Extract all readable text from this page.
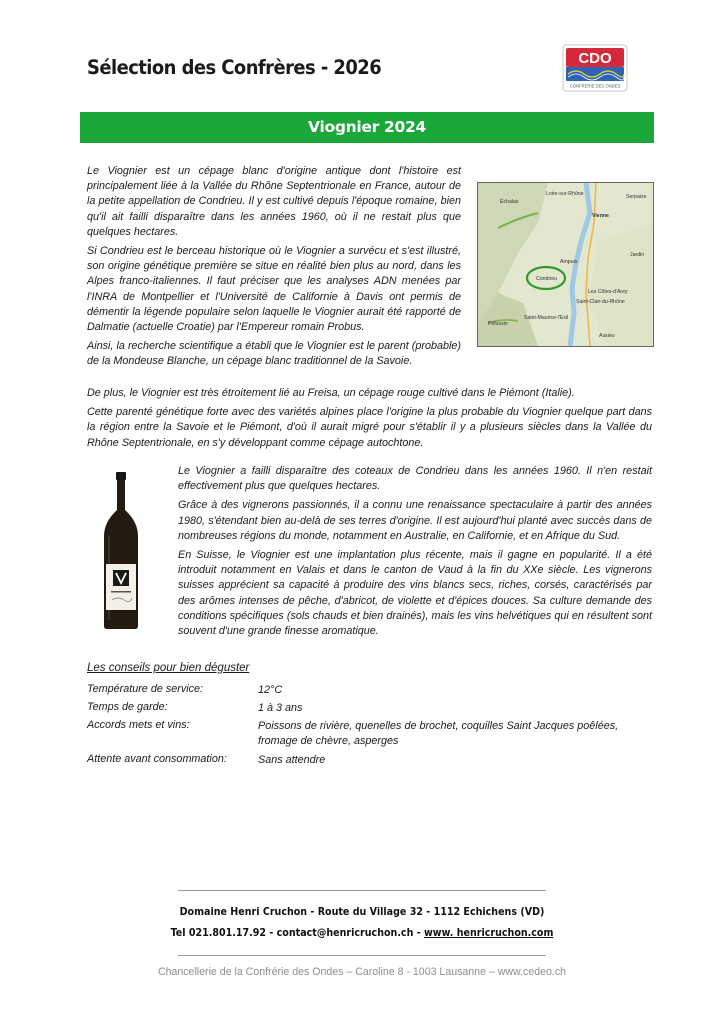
Sélection des Confrères - 2026	CDO
CONFRERIE DES ONDES
Viognier 2024

Le Viognier est un cépage blanc d'origine antique dont l'histoire est principalement liée à la Vallée du Rhône Septentrionale en France, autour de la petite appellation de Condrieu. Il y est cultivé depuis l'époque romaine, bien qu'il ait failli disparaître dans les années 1960, où il ne restait plus que quelques hectares.

Si Condrieu est le berceau historique où le Viognier a survécu et s'est illustré, son origine génétique première se situe en réalité bien plus au nord, dans les Alpes franco-italiennes. Il faut préciser que les analyses ADN menées par l'INRA de Montpellier et l'Université de Californie à Davis ont permis de démentir la légende populaire selon laquelle le Viognier aurait été rapporté de Dalmatie (actuelle Croatie) par l'Empereur romain Probus.

Ainsi, la recherche scientifique a établi que le Viognier est le parent (probable) de la Mondeuse Blanche, un cépage blanc traditionnel de la Savoie.

Loire-sur-Rhône
Échalas
Vienne
Serpaize
Jardin
Ampuis
Condrieu
Les Côtes-d'Arey
Saint-Clair-du-Rhône
Saint-Maurice-l'Exil
Pélussin
Assieu

De plus, le Viognier est très étroitement lié au Freisa, un cépage rouge cultivé dans le Piémont (Italie).

Cette parenté génétique forte avec des variétés alpines place l'origine la plus probable du Viognier quelque part dans la région entre la Savoie et le Piémont, d'où il aurait migré pour s'établir il y a plusieurs siècles dans la Vallée du Rhône Septentrionale, en s'y développant comme cépage autochtone.

Le Viognier a failli disparaître des coteaux de Condrieu dans les années 1960. Il n'en restait effectivement plus que quelques hectares.

Grâce à des vignerons passionnés, il a connu une renaissance spectaculaire à partir des années 1980, s'étendant bien au-delà de ses terres d'origine. Il est aujourd'hui planté avec succès dans de nombreuses régions du monde, notamment en Australie, en Californie, et en Afrique du Sud.

En Suisse, le Viognier est une implantation plus récente, mais il gagne en popularité. Il a été introduit notamment en Valais et dans le canton de Vaud à la fin du XXe siècle. Les vignerons suisses apprécient sa capacité à produire des vins blancs secs, riches, corsés, caractérisés par des arômes intenses de pêche, d'abricot, de violette et d'épices douces. Sa culture demande des conditions spécifiques (sols chauds et bien drainés), mais les vins helvétiques qui en résultent sont souvent d'une grande finesse aromatique.

Les conseils pour bien déguster
Température de service:	12°C
Temps de garde:	1 à 3 ans
Accords mets et vins:	Poissons de rivière, quenelles de brochet, coquilles Saint Jacques poêlées, fromage de chèvre, asperges
Attente avant consommation:	Sans attendre
Domaine Henri Cruchon - Route du Village 32 - 1112 Echichens (VD)
Tel 021.801.17.92 - contact@henricruchon.ch - www. henricruchon.com
Chancellerie de la Confrérie des Ondes – Caroline 8 - 1003 Lausanne – www.cedeo.ch
